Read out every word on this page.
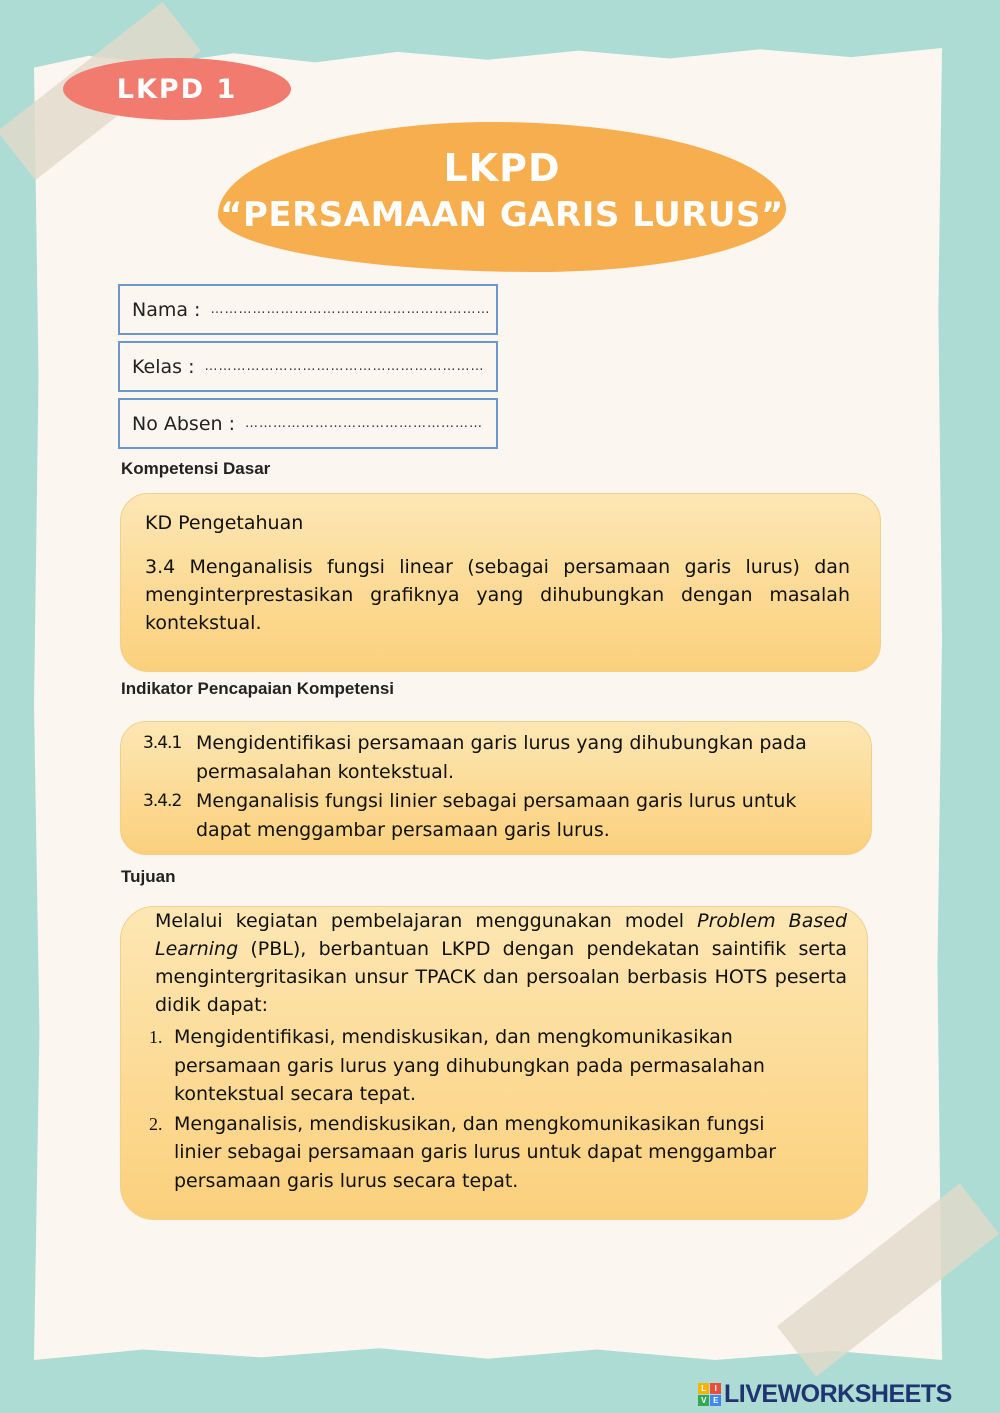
LKPD 1
LKPD
“PERSAMAAN GARIS LURUS”
Nama : ……………………………………………………
Kelas : ……………………………………………………
No Absen : ……………………………………………
Kompetensi Dasar

KD Pengetahuan

3.4 Menganalisis fungsi linear (sebagai persamaan garis lurus) dan menginterprestasikan grafiknya yang dihubungkan dengan masalah kontekstual.

Indikator Pencapaian Kompetensi
3.4.1 Mengidentifikasi persamaan garis lurus yang dihubungkan pada permasalahan kontekstual.
3.4.2 Menganalisis fungsi linier sebagai persamaan garis lurus untuk dapat menggambar persamaan garis lurus.
Tujuan

Melalui kegiatan pembelajaran menggunakan model Problem Based Learning (PBL), berbantuan LKPD dengan pendekatan saintifik serta mengintergritasikan unsur TPACK dan persoalan berbasis HOTS peserta didik dapat:

1. Mengidentifikasi, mendiskusikan, dan mengkomunikasikan persamaan garis lurus yang dihubungkan pada permasalahan kontekstual secara tepat.
2. Menganalisis, mendiskusikan, dan mengkomunikasikan fungsi linier sebagai persamaan garis lurus untuk dapat menggambar persamaan garis lurus secara tepat.
L	I
V E LIVEWORKSHEETS
